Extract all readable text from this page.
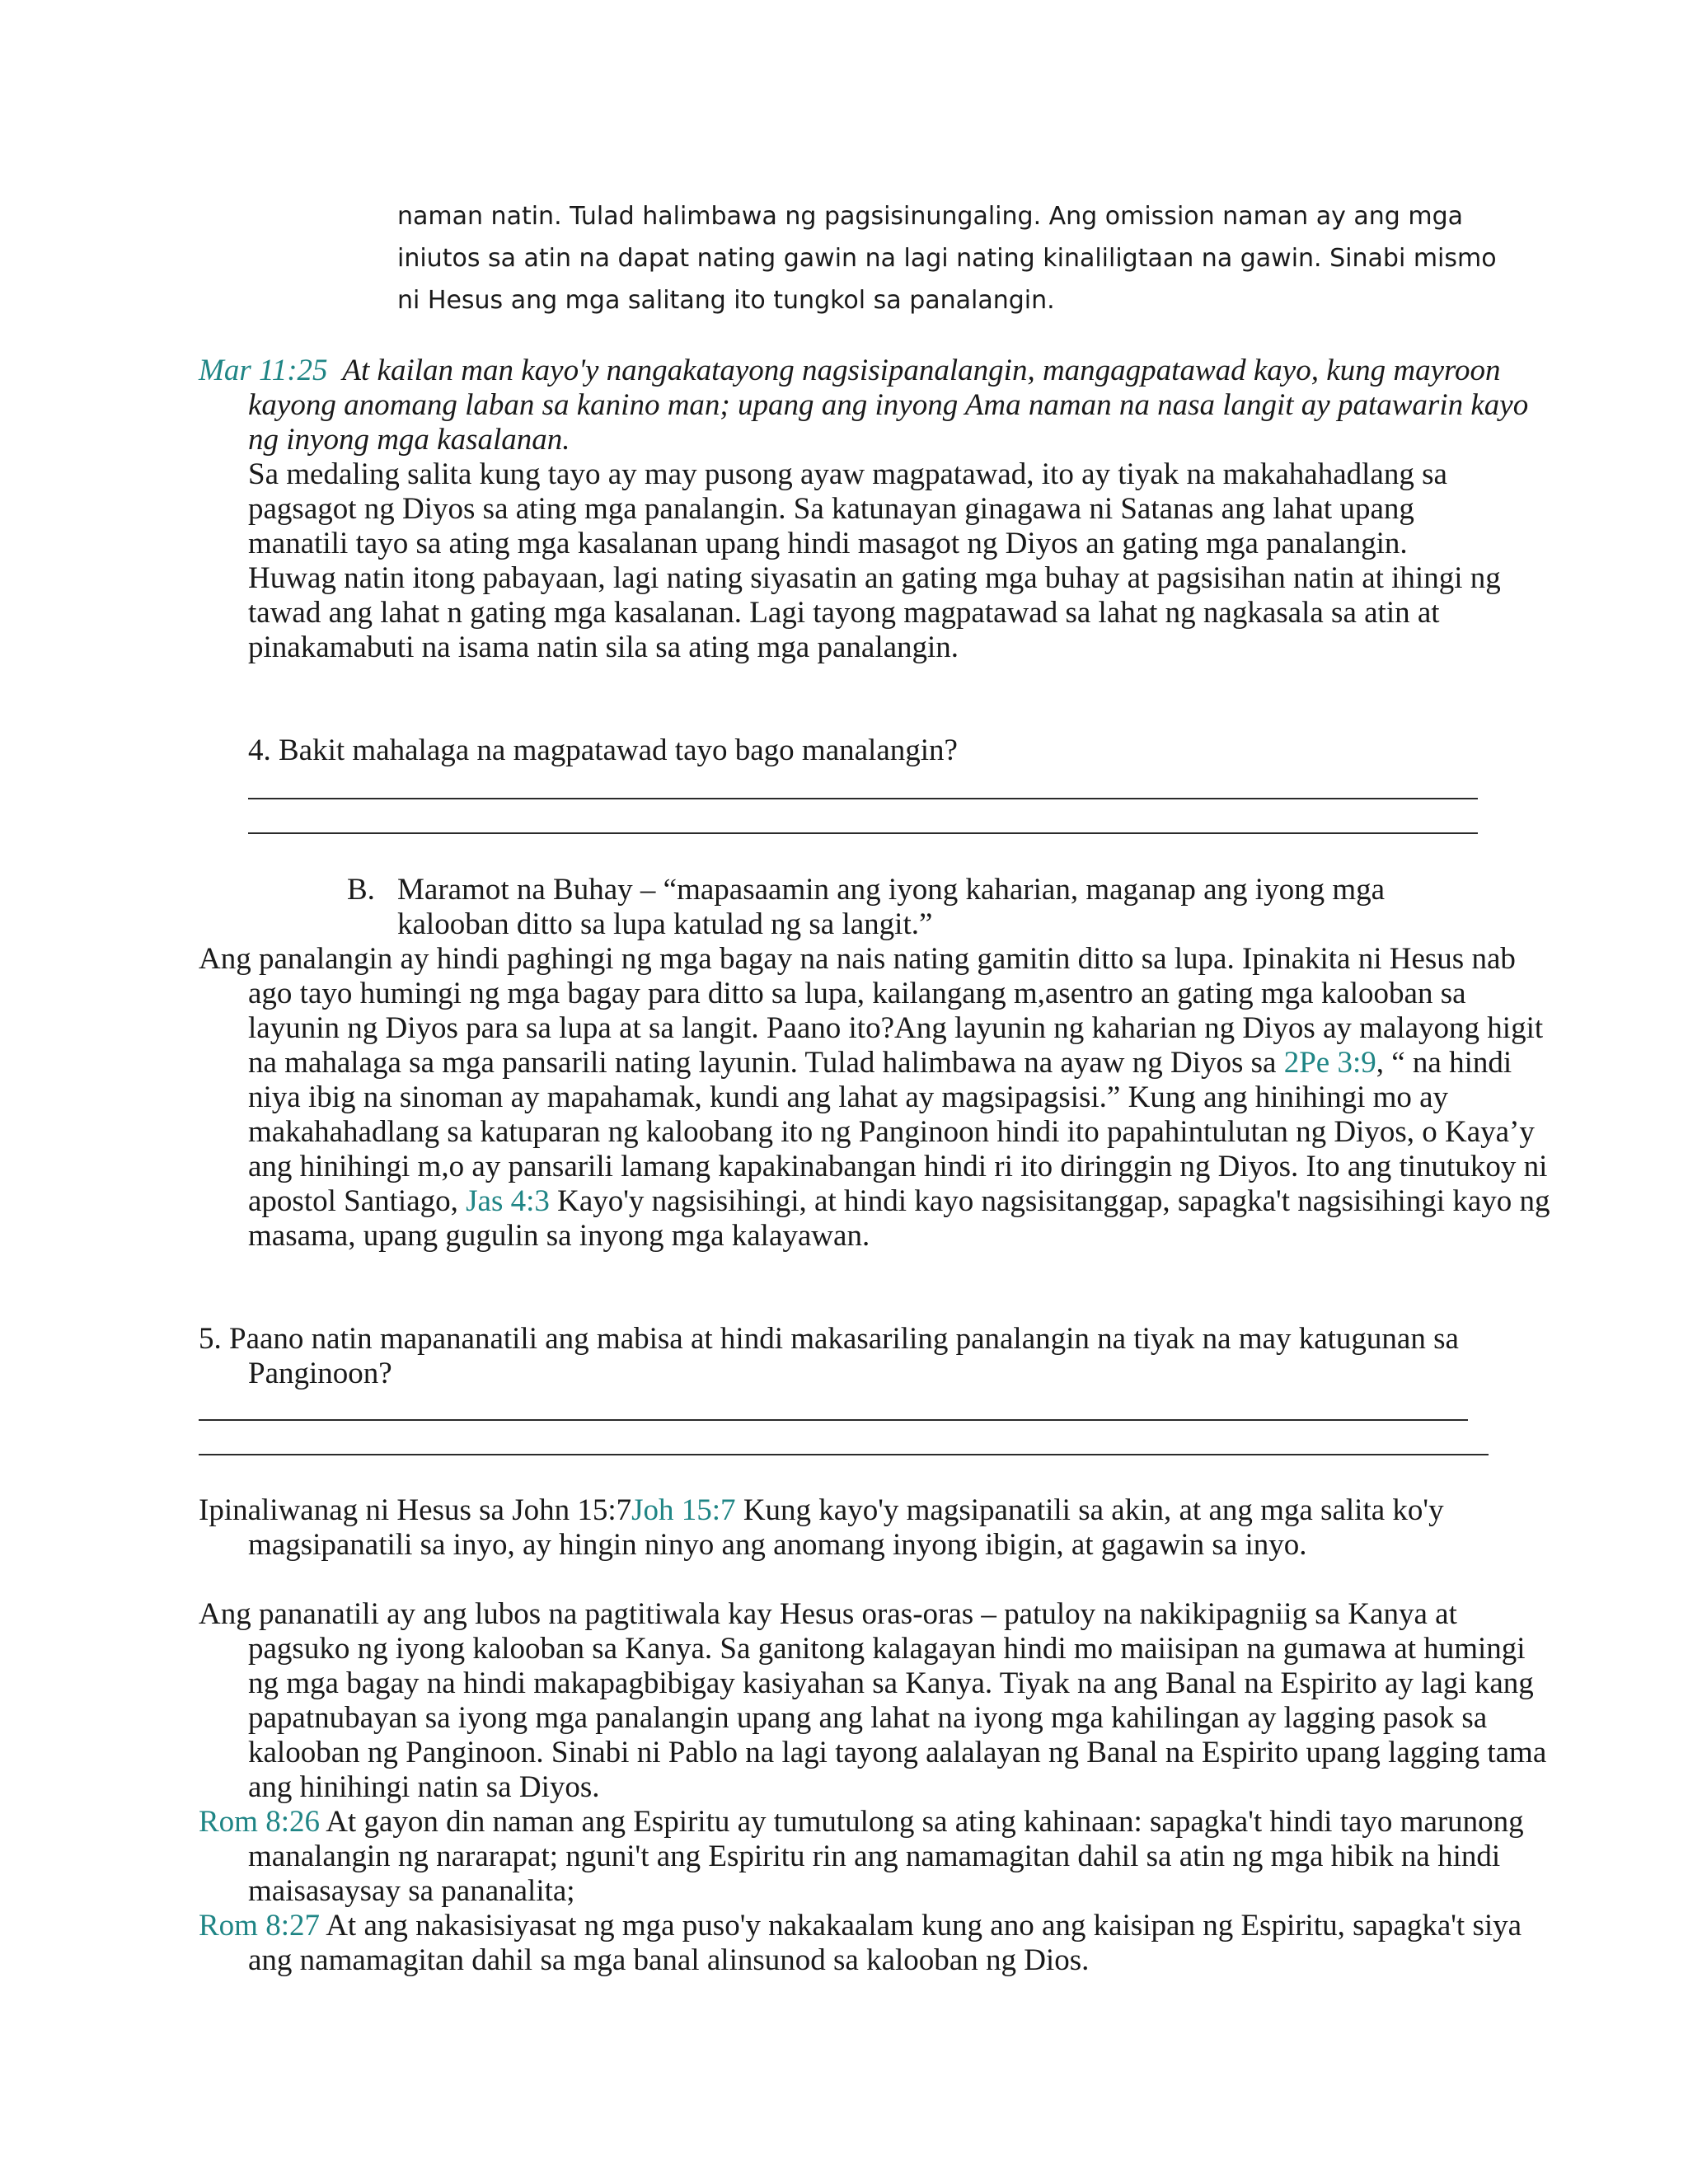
naman natin. Tulad halimbawa ng pagsisinungaling. Ang omission naman ay ang mga
iniutos sa atin na dapat nating gawin na lagi nating kinaliligtaan na gawin. Sinabi mismo
ni Hesus ang mga salitang ito tungkol sa panalangin.
Mar 11:25 At kailan man kayo'y nangakatayong nagsisipanalangin, mangagpatawad kayo, kung mayroon kayong anomang laban sa kanino man; upang ang inyong Ama naman na nasa langit ay patawarin kayo ng inyong mga kasalanan.
Sa medaling salita kung tayo ay may pusong ayaw magpatawad, ito ay tiyak na makahahadlang sa pagsagot ng Diyos sa ating mga panalangin. Sa katunayan ginagawa ni Satanas ang lahat upang manatili tayo sa ating mga kasalanan upang hindi masagot ng Diyos an gating mga panalangin. Huwag natin itong pabayaan, lagi nating siyasatin an gating mga buhay at pagsisihan natin at ihingi ng tawad ang lahat n gating mga kasalanan. Lagi tayong magpatawad sa lahat ng nagkasala sa atin at pinakamabuti na isama natin sila sa ating mga panalangin.
4. Bakit mahalaga na magpatawad tayo bago manalangin?
B. Maramot na Buhay – “mapasaamin ang iyong kaharian, maganap ang iyong mga kalooban ditto sa lupa katulad ng sa langit.”
Ang panalangin ay hindi paghingi ng mga bagay na nais nating gamitin ditto sa lupa. Ipinakita ni Hesus nab ago tayo humingi ng mga bagay para ditto sa lupa, kailangang m,asentro an gating mga kalooban sa layunin ng Diyos para sa lupa at sa langit. Paano ito?Ang layunin ng kaharian ng Diyos ay malayong higit na mahalaga sa mga pansarili nating layunin. Tulad halimbawa na ayaw ng Diyos sa 2Pe 3:9, “ na hindi niya ibig na sinoman ay mapahamak, kundi ang lahat ay magsipagsisi.” Kung ang hinihingi mo ay makahahadlang sa katuparan ng kaloobang ito ng Panginoon hindi ito papahintulutan ng Diyos, o Kaya’y ang hinihingi m,o ay pansarili lamang kapakinabangan hindi ri ito diringgin ng Diyos. Ito ang tinutukoy ni apostol Santiago, Jas 4:3 Kayo'y nagsisihingi, at hindi kayo nagsisitanggap, sapagka't nagsisihingi kayo ng masama, upang gugulin sa inyong mga kalayawan.
5. Paano natin mapananatili ang mabisa at hindi makasariling panalangin na tiyak na may katugunan sa Panginoon?
Ipinaliwanag ni Hesus sa John 15:7Joh 15:7 Kung kayo'y magsipanatili sa akin, at ang mga salita ko'y magsipanatili sa inyo, ay hingin ninyo ang anomang inyong ibigin, at gagawin sa inyo.
Ang pananatili ay ang lubos na pagtitiwala kay Hesus oras-oras – patuloy na nakikipagniig sa Kanya at pagsuko ng iyong kalooban sa Kanya. Sa ganitong kalagayan hindi mo maiisipan na gumawa at humingi ng mga bagay na hindi makapagbibigay kasiyahan sa Kanya. Tiyak na ang Banal na Espirito ay lagi kang papatnubayan sa iyong mga panalangin upang ang lahat na iyong mga kahilingan ay lagging pasok sa kalooban ng Panginoon. Sinabi ni Pablo na lagi tayong aalalayan ng Banal na Espirito upang lagging tama ang hinihingi natin sa Diyos.
Rom 8:26 At gayon din naman ang Espiritu ay tumutulong sa ating kahinaan: sapagka't hindi tayo marunong manalangin ng nararapat; nguni't ang Espiritu rin ang namamagitan dahil sa atin ng mga hibik na hindi maisasaysay sa pananalita;
Rom 8:27 At ang nakasisiyasat ng mga puso'y nakakaalam kung ano ang kaisipan ng Espiritu, sapagka't siya ang namamagitan dahil sa mga banal alinsunod sa kalooban ng Dios.
